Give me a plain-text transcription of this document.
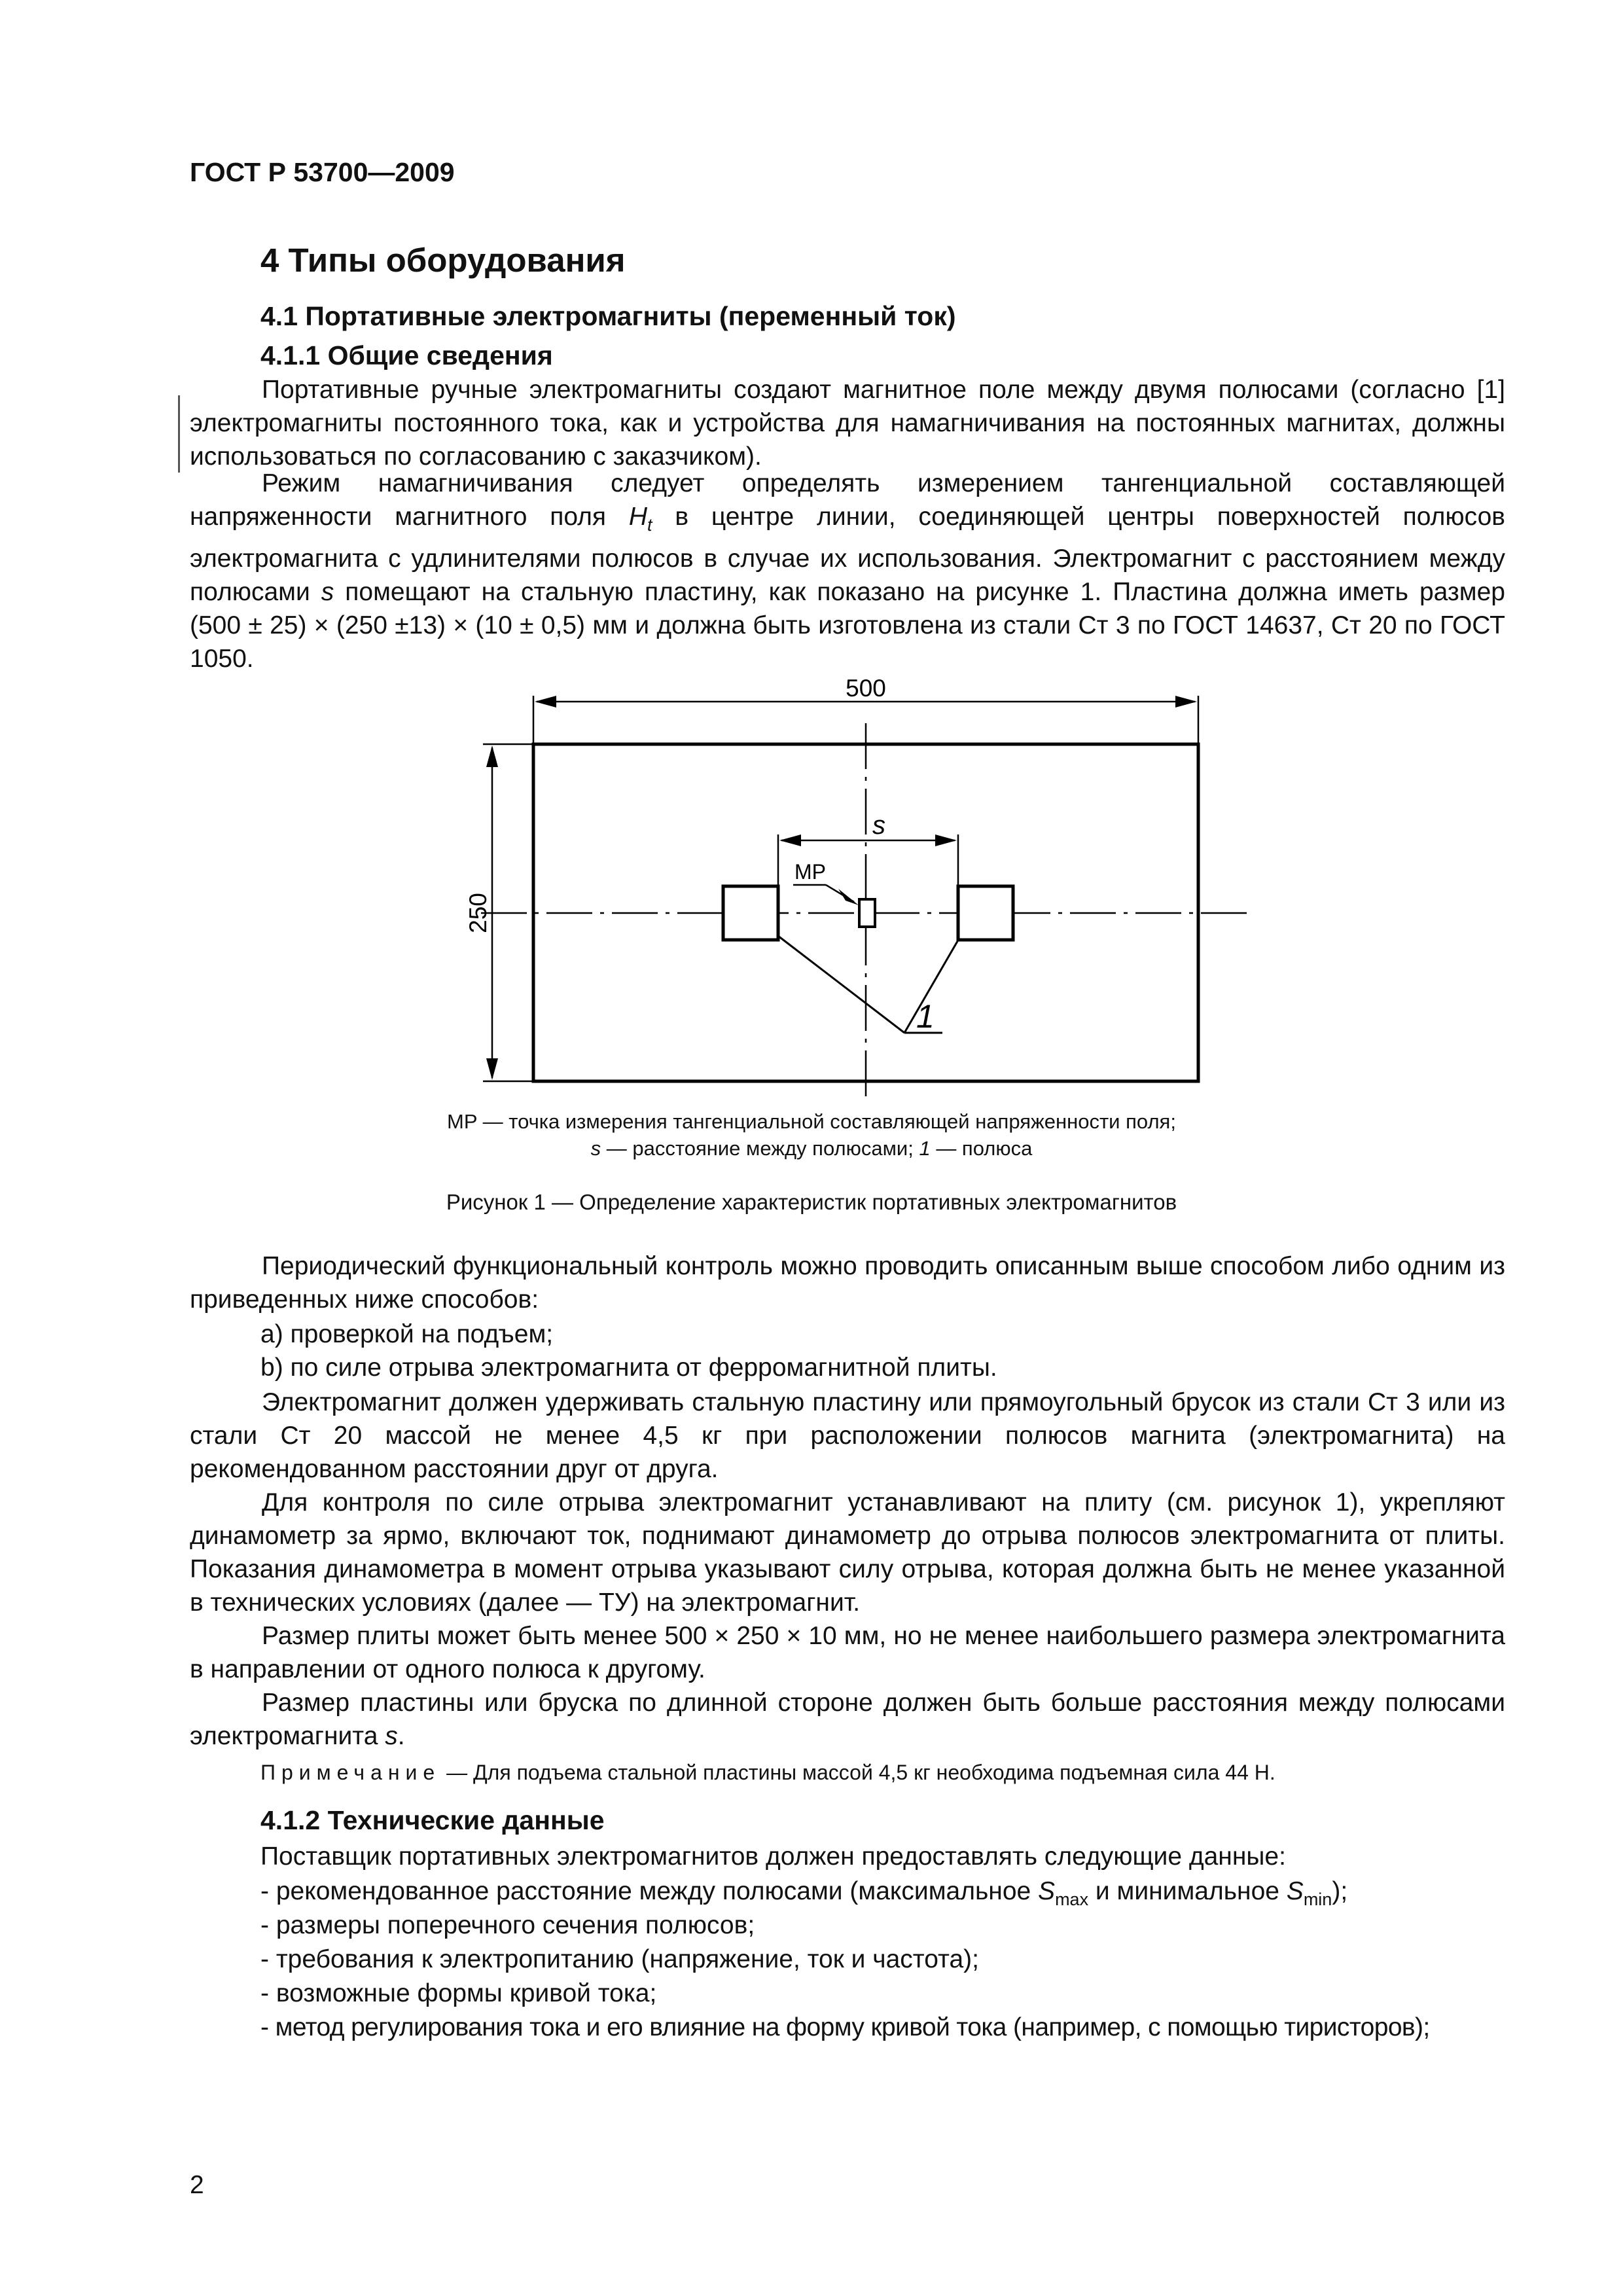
ГОСТ Р 53700—2009
4 Типы оборудования
4.1 Портативные электромагниты (переменный ток)
4.1.1 Общие сведения
Портативные ручные электромагниты создают магнитное поле между двумя полюсами (согласно [1] электромагниты постоянного тока, как и устройства для намагничивания на постоянных магнитах, должны использоваться по согласованию с заказчиком).
Режим намагничивания следует определять измерением тангенциальной составляющей напряженности магнитного поля $H_t$ в центре линии, соединяющей центры поверхностей полюсов электромагнита с удлинителями полюсов в случае их использования. Электромагнит с расстоянием между полюсами s помещают на стальную пластину, как показано на рисунке 1. Пластина должна иметь размер (500 ± 25) × (250 ±13) × (10 ± 0,5) мм и должна быть изготовлена из стали Ст 3 по ГОСТ 14637, Ст 20 по ГОСТ 1050.
500
250
s
MP
1
MP — точка измерения тангенциальной составляющей напряженности поля;
s — расстояние между полюсами; 1 — полюса
Рисунок 1 — Определение характеристик портативных электромагнитов
Периодический функциональный контроль можно проводить описанным выше способом либо одним из приведенных ниже способов:
a) проверкой на подъем;
b) по силе отрыва электромагнита от ферромагнитной плиты.
Электромагнит должен удерживать стальную пластину или прямоугольный брусок из стали Ст 3 или из стали Ст 20 массой не менее 4,5 кг при расположении полюсов магнита (электромагнита) на рекомендованном расстоянии друг от друга.
Для контроля по силе отрыва электромагнит устанавливают на плиту (см. рисунок 1), укрепляют динамометр за ярмо, включают ток, поднимают динамометр до отрыва полюсов электромагнита от плиты. Показания динамометра в момент отрыва указывают силу отрыва, которая должна быть не менее указанной в технических условиях (далее — ТУ) на электромагнит.
Размер плиты может быть менее 500 × 250 × 10 мм, но не менее наибольшего размера электромагнита в направлении от одного полюса к другому.
Размер пластины или бруска по длинной стороне должен быть больше расстояния между полюсами электромагнита s.
Примечание — Для подъема стальной пластины массой 4,5 кг необходима подъемная сила 44 Н.
4.1.2 Технические данные
Поставщик портативных электромагнитов должен предоставлять следующие данные:
- рекомендованное расстояние между полюсами (максимальное $S_{max}$ и минимальное $S_{min}$);
- размеры поперечного сечения полюсов;
- требования к электропитанию (напряжение, ток и частота);
- возможные формы кривой тока;
- метод регулирования тока и его влияние на форму кривой тока (например, с помощью тиристоров);
2
